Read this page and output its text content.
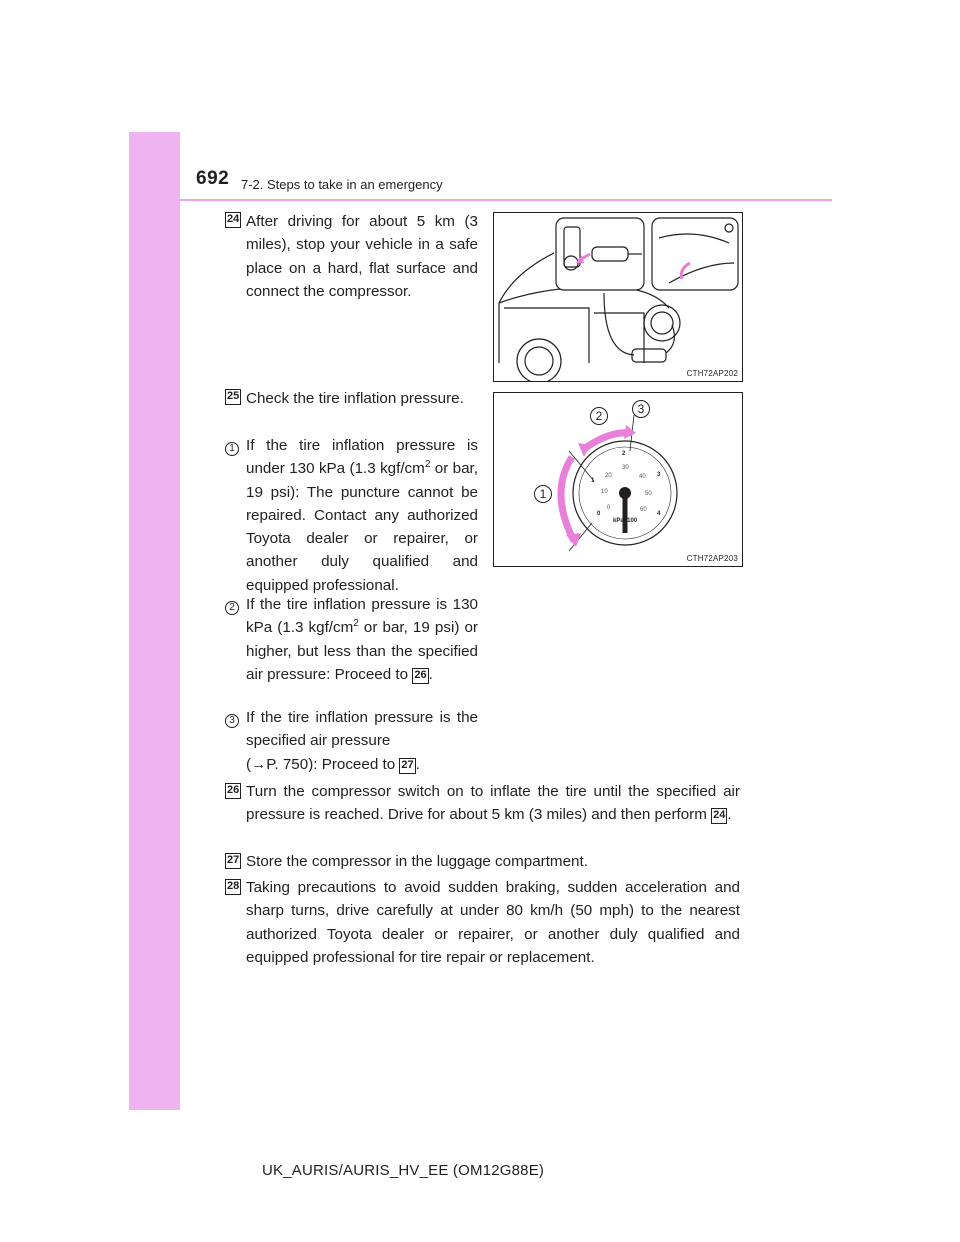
692 7-2. Steps to take in an emergency
24 After driving for about 5 km (3 miles), stop your vehicle in a safe place on a hard, flat surface and connect the compressor.
CTH72AP202
25 Check the tire inflation pressure.
1
2	3
0
1
2
3
4
0
10
20
30
40
50
60
kPa×100
CTH72AP203
1 If the tire inflation pressure is under 130 kPa (1.3 kgf/$cm^2$ or bar, 19 psi): The puncture cannot be repaired. Contact any authorized Toyota dealer or repairer, or another duly qualified and equipped professional.
2 If the tire inflation pressure is 130 kPa (1.3 kgf/$cm^2$ or bar, 19 psi) or higher, but less than the specified air pressure: Proceed to 26 .
3 If the tire inflation pressure is the specified air pressure
(→P. 750): Proceed to 27 .
26 Turn the compressor switch on to inflate the tire until the specified air pressure is reached. Drive for about 5 km (3 miles) and then perform 24 .
27 Store the compressor in the luggage compartment.
28 Taking precautions to avoid sudden braking, sudden acceleration and sharp turns, drive carefully at under 80 km/h (50 mph) to the nearest authorized Toyota dealer or repairer, or another duly qualified and equipped professional for tire repair or replacement.
UK_AURIS/AURIS_HV_EE (OM12G88E)
